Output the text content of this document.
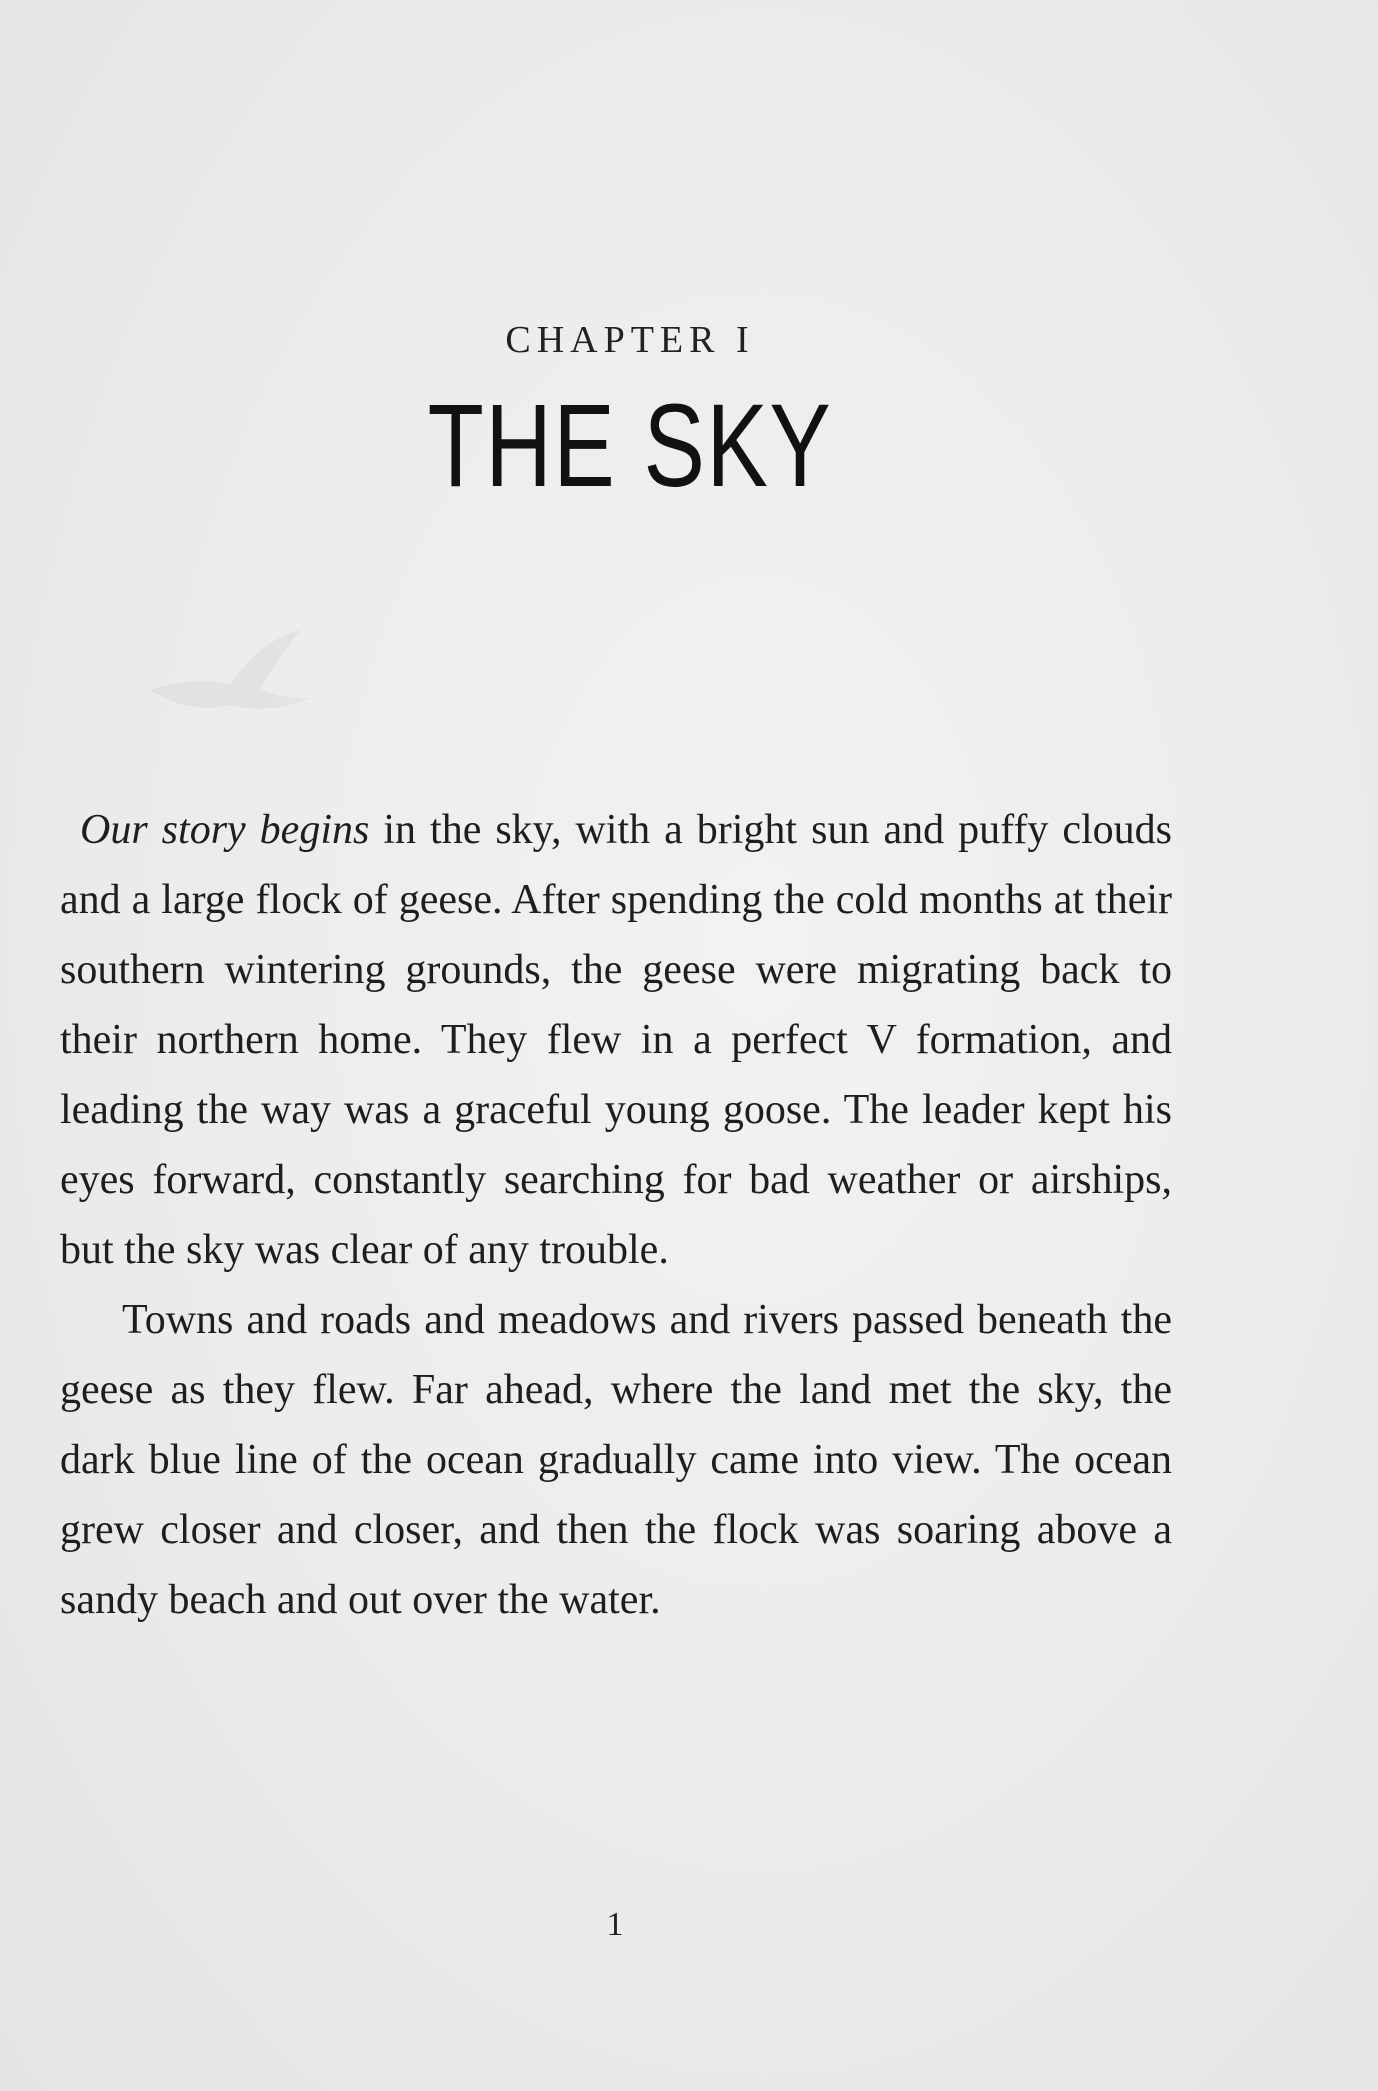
CHAPTER I
THE SKY

Our story begins in the sky, with a bright sun and puffy clouds and a large flock of geese. After spending the cold months at their southern wintering grounds, the geese were migrating back to their northern home. They flew in a perfect V formation, and leading the way was a graceful young goose. The leader kept his eyes forward, constantly searching for bad weather or airships, but the sky was clear of any trouble.

Towns and roads and meadows and rivers passed beneath the geese as they flew. Far ahead, where the land met the sky, the dark blue line of the ocean gradually came into view. The ocean grew closer and closer, and then the flock was soaring above a sandy beach and out over the water.

1
